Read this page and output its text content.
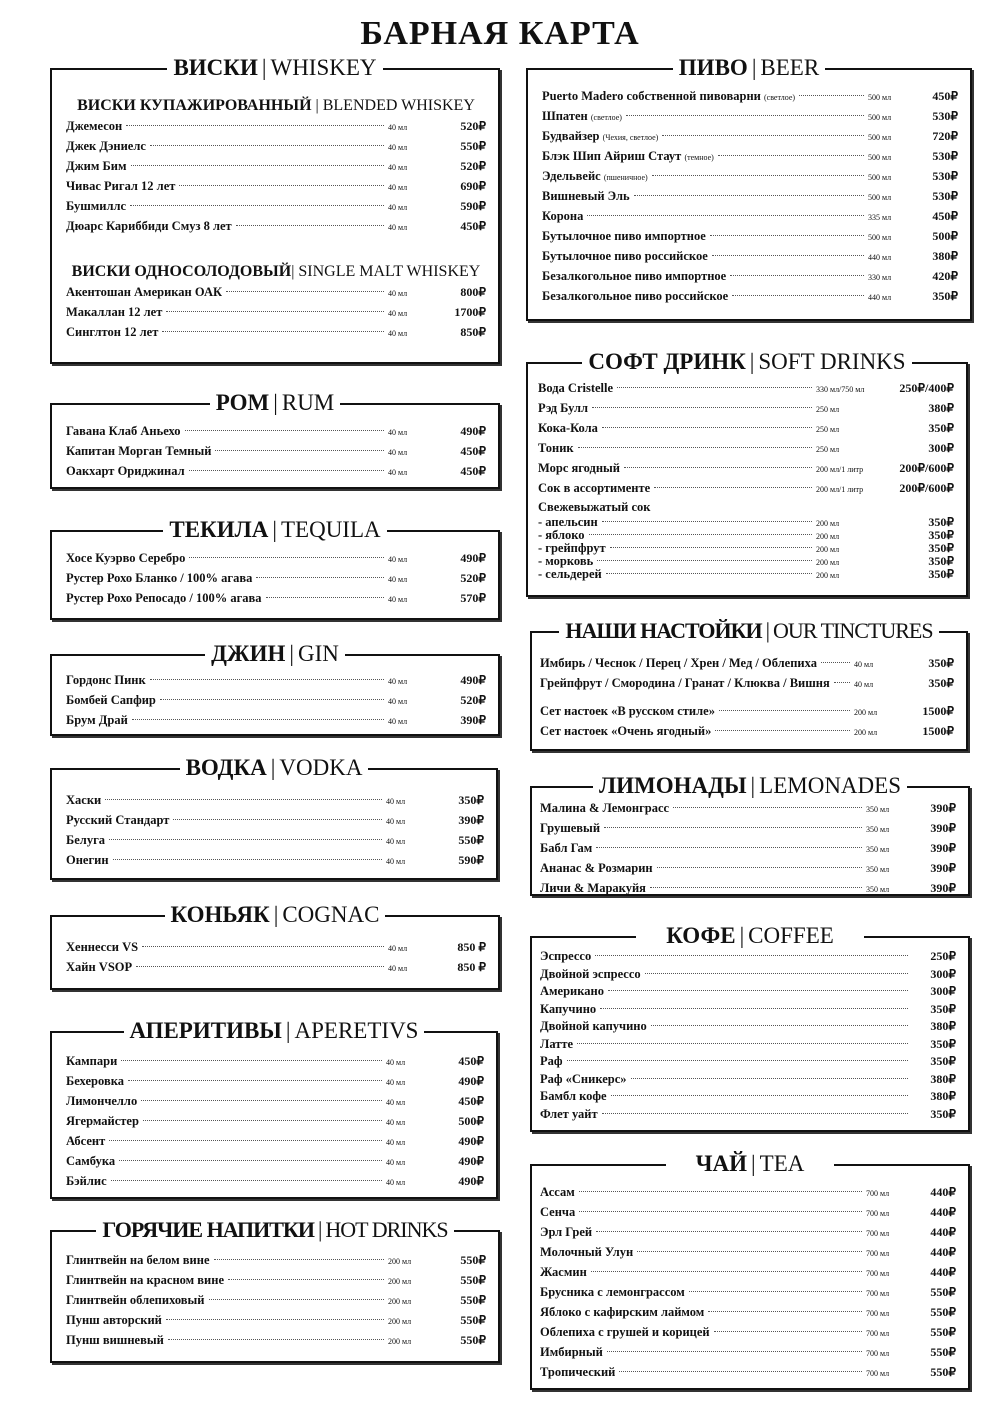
БАРНАЯ КАРТА
ВИСКИ | WHISKEY
ВИСКИ КУПАЖИРОВАННЫЙ | BLENDED WHISKEY
Джемесон	40 мл	520₽
Джек Дэниелс	40 мл	550₽
Джим Бим	40 мл	520₽
Чивас Ригал 12 лет	40 мл	690₽
Бушмиллс	40 мл	590₽
Дюарс Кариббиди Смуз 8 лет	40 мл	450₽
ВИСКИ ОДНОСОЛОДОВЫЙ| SINGLE MALT WHISKEY
Акентошан Американ ОАК	40 мл	800₽
Макаллан 12 лет	40 мл	1700₽
Синглтон 12 лет	40 мл	850₽
РОМ | RUM
Гавана Клаб Аньехо	40 мл	490₽
Капитан Морган Темный	40 мл	450₽
Оакхарт Ориджинал	40 мл	450₽
ТЕКИЛА | TEQUILA
Хосе Куэрво Серебро	40 мл	490₽
Рустер Рохо Бланко / 100% агава	40 мл	520₽
Рустер Рохо Репосадо / 100% агава	40 мл	570₽
ДЖИН | GIN
Гордонс Пинк	40 мл	490₽
Бомбей Сапфир	40 мл	520₽
Брум Драй	40 мл	390₽
ВОДКА | VODKA
Хаски	40 мл	350₽
Русский Стандарт	40 мл	390₽
Белуга	40 мл	550₽
Онегин	40 мл	590₽
КОНЬЯК | COGNAC
Хеннесси VS	40 мл	850 ₽
Хайн VSOP	40 мл	850 ₽
АПЕРИТИВЫ | APERETIVS
Кампари	40 мл	450₽
Бехеровка	40 мл	490₽
Лимончелло	40 мл	450₽
Ягермайстер	40 мл	500₽
Абсент	40 мл	490₽
Самбука	40 мл	490₽
Бэйлис	40 мл	490₽
ГОРЯЧИЕ НАПИТКИ | HOT DRINKS
Глинтвейн на белом вине	200 мл	550₽
Глинтвейн на красном вине	200 мл	550₽
Глинтвейн облепиховый	200 мл	550₽
Пунш авторский	200 мл	550₽
Пунш вишневый	200 мл	550₽
ПИВО | BEER
Puerto Madero собственной пивоварни (светлое)	500 мл	450₽
Шпатен (светлое)	500 мл	530₽
Будвайзер (Чехия, светлое)	500 мл	720₽
Блэк Шип Айриш Стаут (темное)	500 мл	530₽
Эдельвейс (пшеничное)	500 мл	530₽
Вишневый Эль	500 мл	530₽
Корона	335 мл	450₽
Бутылочное пиво импортное	500 мл	500₽
Бутылочное пиво российское	440 мл	380₽
Безалкогольное пиво импортное	330 мл	420₽
Безалкогольное пиво российское	440 мл	350₽
СОФТ ДРИНК | SOFT DRINKS
Вода Cristelle	330 мл/750 мл	250₽/400₽
Рэд Булл	250 мл	380₽
Кока-Кола	250 мл	350₽
Тоник	250 мл	300₽
Морс ягодный	200 мл/1 литр	200₽/600₽
Сок в ассортименте	200 мл/1 литр	200₽/600₽
Свежевыжатый сок
- апельсин	200 мл	350₽
- яблоко	200 мл	350₽
- грейпфрут	200 мл	350₽
- морковь	200 мл	350₽
- сельдерей	200 мл	350₽
НАШИ НАСТОЙКИ | OUR TINCTURES
Имбирь / Чеснок / Перец / Хрен / Мед / Облепиха	40 мл	350₽
Грейпфрут / Смородина / Гранат / Клюква / Вишня	40 мл	350₽
Сет настоек «В русском стиле»	200 мл	1500₽
Сет настоек «Очень ягодный»	200 мл	1500₽
ЛИМОНАДЫ | LEMONADES
Малина & Лемонграсс	350 мл	390₽
Грушевый	350 мл	390₽
Бабл Гам	350 мл	390₽
Ананас & Розмарин	350 мл	390₽
Личи & Маракуйя	350 мл	390₽
КОФЕ | COFFEE
Эспрессо	250₽
Двойной эспрессо	300₽
Американо	300₽
Капучино	350₽
Двойной капучино	380₽
Латте	350₽
Раф	350₽
Раф «Сникерс»	380₽
Бамбл кофе	380₽
Флет уайт	350₽
ЧАЙ | TEA
Ассам	700 мл	440₽
Сенча	700 мл	440₽
Эрл Грей	700 мл	440₽
Молочный Улун	700 мл	440₽
Жасмин	700 мл	440₽
Брусника с лемонграссом	700 мл	550₽
Яблоко с кафирским лаймом	700 мл	550₽
Облепиха с грушей и корицей	700 мл	550₽
Имбирный	700 мл	550₽
Тропический	700 мл	550₽
